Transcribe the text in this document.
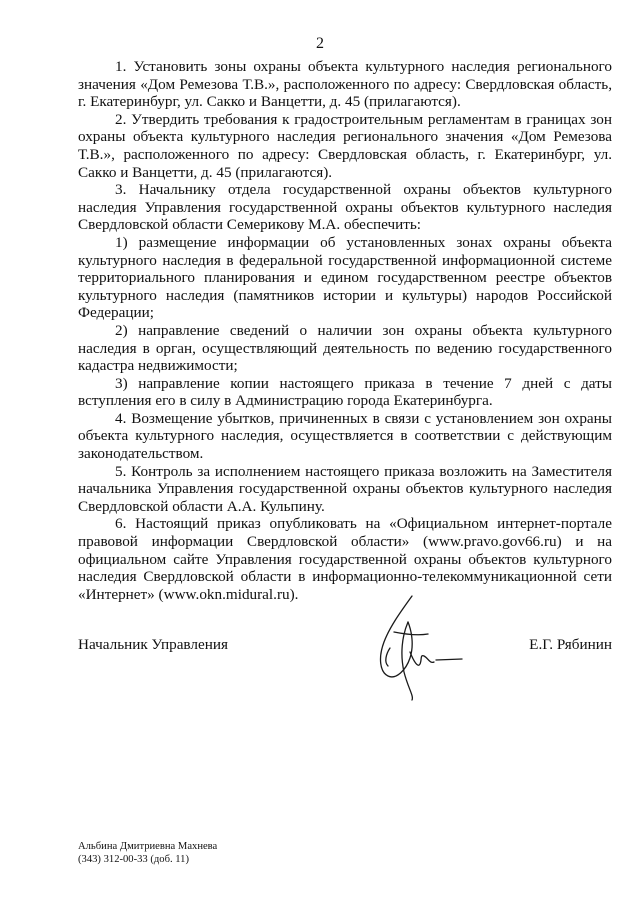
2

1. Установить зоны охраны объекта культурного наследия регионального значения «Дом Ремезова Т.В.», расположенного по адресу: Свердловская область, г. Екатеринбург, ул. Сакко и Ванцетти, д. 45 (прилагаются).

2. Утвердить требования к градостроительным регламентам в границах зон охраны объекта культурного наследия регионального значения «Дом Ремезова Т.В.», расположенного по адресу: Свердловская область, г. Екатеринбург, ул. Сакко и Ванцетти, д. 45 (прилагаются).

3. Начальнику отдела государственной охраны объектов культурного наследия Управления государственной охраны объектов культурного наследия Свердловской области Семерикову М.А. обеспечить:

1) размещение информации об установленных зонах охраны объекта культурного наследия в федеральной государственной информационной системе территориального планирования и едином государственном реестре объектов культурного наследия (памятников истории и культуры) народов Российской Федерации;

2) направление сведений о наличии зон охраны объекта культурного наследия в орган, осуществляющий деятельность по ведению государственного кадастра недвижимости;

3) направление копии настоящего приказа в течение 7 дней с даты вступления его в силу в Администрацию города Екатеринбурга.

4. Возмещение убытков, причиненных в связи с установлением зон охраны объекта культурного наследия, осуществляется в соответствии с действующим законодательством.

5. Контроль за исполнением настоящего приказа возложить на Заместителя начальника Управления государственной охраны объектов культурного наследия Свердловской области А.А. Кульпину.

6. Настоящий приказ опубликовать на «Официальном интернет-портале правовой информации Свердловской области» (www.pravo.gov66.ru) и на официальном сайте Управления государственной охраны объектов культурного наследия Свердловской области в информационно-телекоммуникационной сети «Интернет» (www.okn.midural.ru).

Начальник Управления	Е.Г. Рябинин
Альбина Дмитриевна Махнева
(343) 312-00-33 (доб. 11)
